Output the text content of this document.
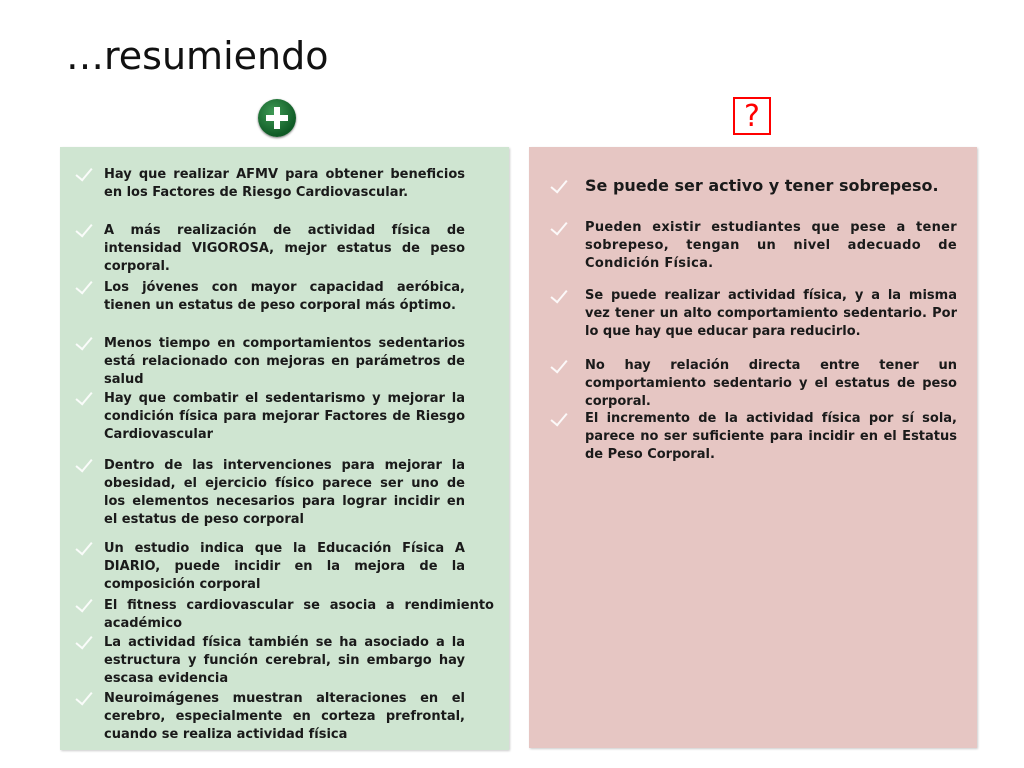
…resumiendo
?
Hay que realizar AFMV para obtener beneficios en los Factores de Riesgo Cardiovascular.
A más realización de actividad física de intensidad VIGOROSA, mejor estatus de peso corporal.
Los jóvenes con mayor capacidad aeróbica, tienen un estatus de peso corporal más óptimo.
Menos tiempo en comportamientos sedentarios está relacionado con mejoras en parámetros de salud
Hay que combatir el sedentarismo y mejorar la condición física para mejorar Factores de Riesgo Cardiovascular
Dentro de las intervenciones para mejorar la obesidad, el ejercicio físico parece ser uno de los elementos necesarios para lograr incidir en el estatus de peso corporal
Un estudio indica que la Educación Física A DIARIO, puede incidir en la mejora de la composición corporal
El fitness cardiovascular se asocia a rendimiento académico
La actividad física también se ha asociado a la estructura y función cerebral, sin embargo hay escasa evidencia
Neuroimágenes muestran alteraciones en el cerebro, especialmente en corteza prefrontal, cuando se realiza actividad física
Se puede ser activo y tener sobrepeso.
Pueden existir estudiantes que pese a tener sobrepeso, tengan un nivel adecuado de Condición Física.
Se puede realizar actividad física, y a la misma vez tener un alto comportamiento sedentario. Por lo que hay que educar para reducirlo.
No hay relación directa entre tener un comportamiento sedentario y el estatus de peso corporal.
El incremento de la actividad física por sí sola, parece no ser suficiente para incidir en el Estatus de Peso Corporal.
